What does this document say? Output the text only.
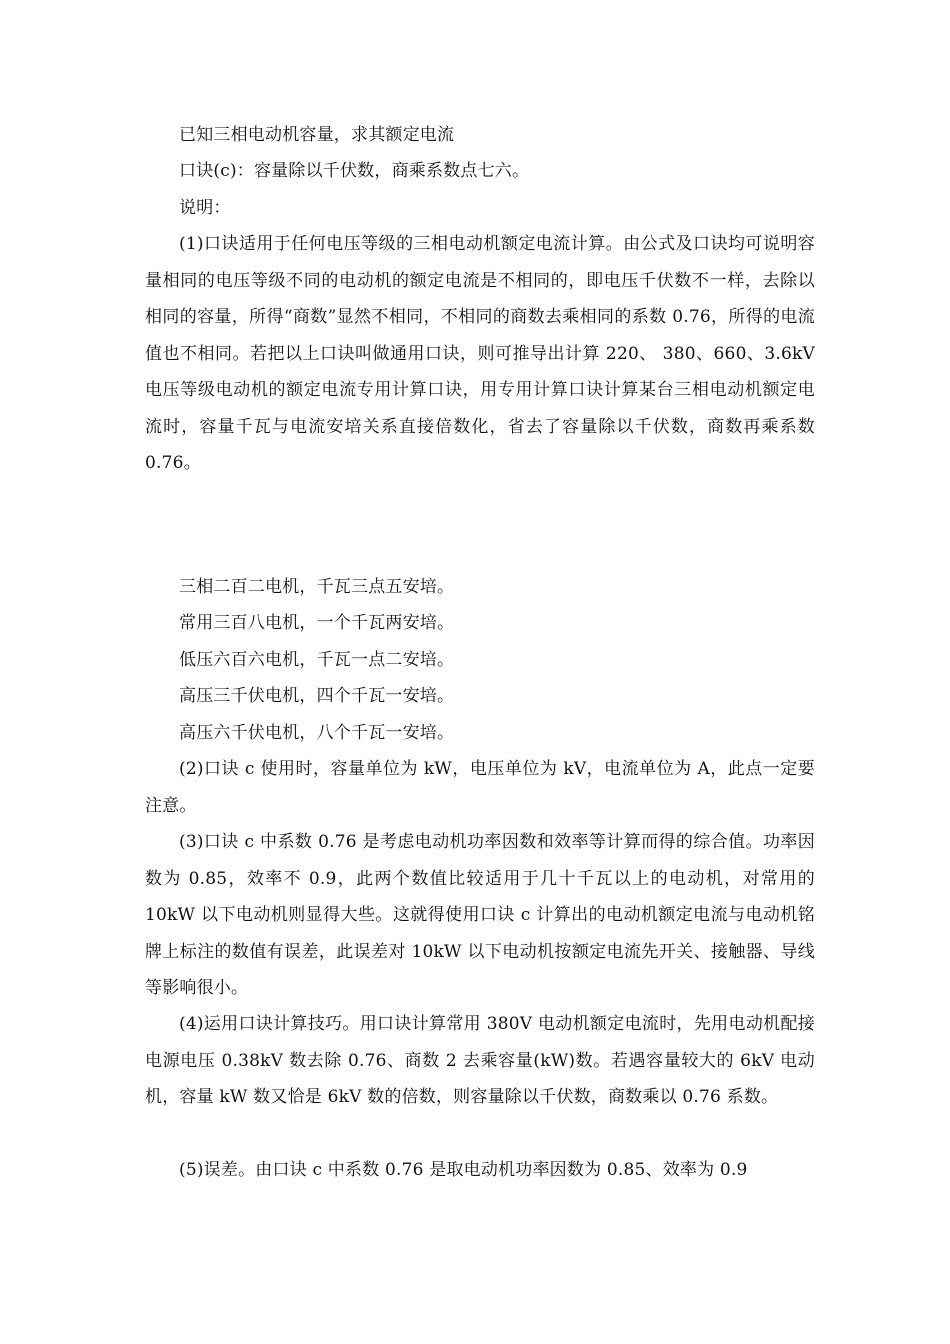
已知三相电动机容量，求其额定电流

口诀(c)：容量除以千伏数，商乘系数点七六。

说明：

(1)口诀适用于任何电压等级的三相电动机额定电流计算。由公式及口诀均可说明容量相同的电压等级不同的电动机的额定电流是不相同的，即电压千伏数不一样，去除以相同的容量，所得“商数”显然不相同，不相同的商数去乘相同的系数 0.76，所得的电流值也不相同。若把以上口诀叫做通用口诀，则可推导出计算 220、 380、660、3.6kV 电压等级电动机的额定电流专用计算口诀，用专用计算口诀计算某台三相电动机额定电流时，容量千瓦与电流安培关系直接倍数化，省去了容量除以千伏数，商数再乘系数 0.76。

三相二百二电机，千瓦三点五安培。

常用三百八电机，一个千瓦两安培。

低压六百六电机，千瓦一点二安培。

高压三千伏电机，四个千瓦一安培。

高压六千伏电机，八个千瓦一安培。

(2)口诀 c 使用时，容量单位为 kW，电压单位为 kV，电流单位为 A，此点一定要注意。

(3)口诀 c 中系数 0.76 是考虑电动机功率因数和效率等计算而得的综合值。功率因数为 0.85，效率不 0.9，此两个数值比较适用于几十千瓦以上的电动机，对常用的 10kW 以下电动机则显得大些。这就得使用口诀 c 计算出的电动机额定电流与电动机铭牌上标注的数值有误差，此误差对 10kW 以下电动机按额定电流先开关、接触器、导线等影响很小。

(4)运用口诀计算技巧。用口诀计算常用 380V 电动机额定电流时，先用电动机配接电源电压 0.38kV 数去除 0.76、商数 2 去乘容量(kW)数。若遇容量较大的 6kV 电动机，容量 kW 数又恰是 6kV 数的倍数，则容量除以千伏数，商数乘以 0.76 系数。

(5)误差。由口诀 c 中系数 0.76 是取电动机功率因数为 0.85、效率为 0.9
